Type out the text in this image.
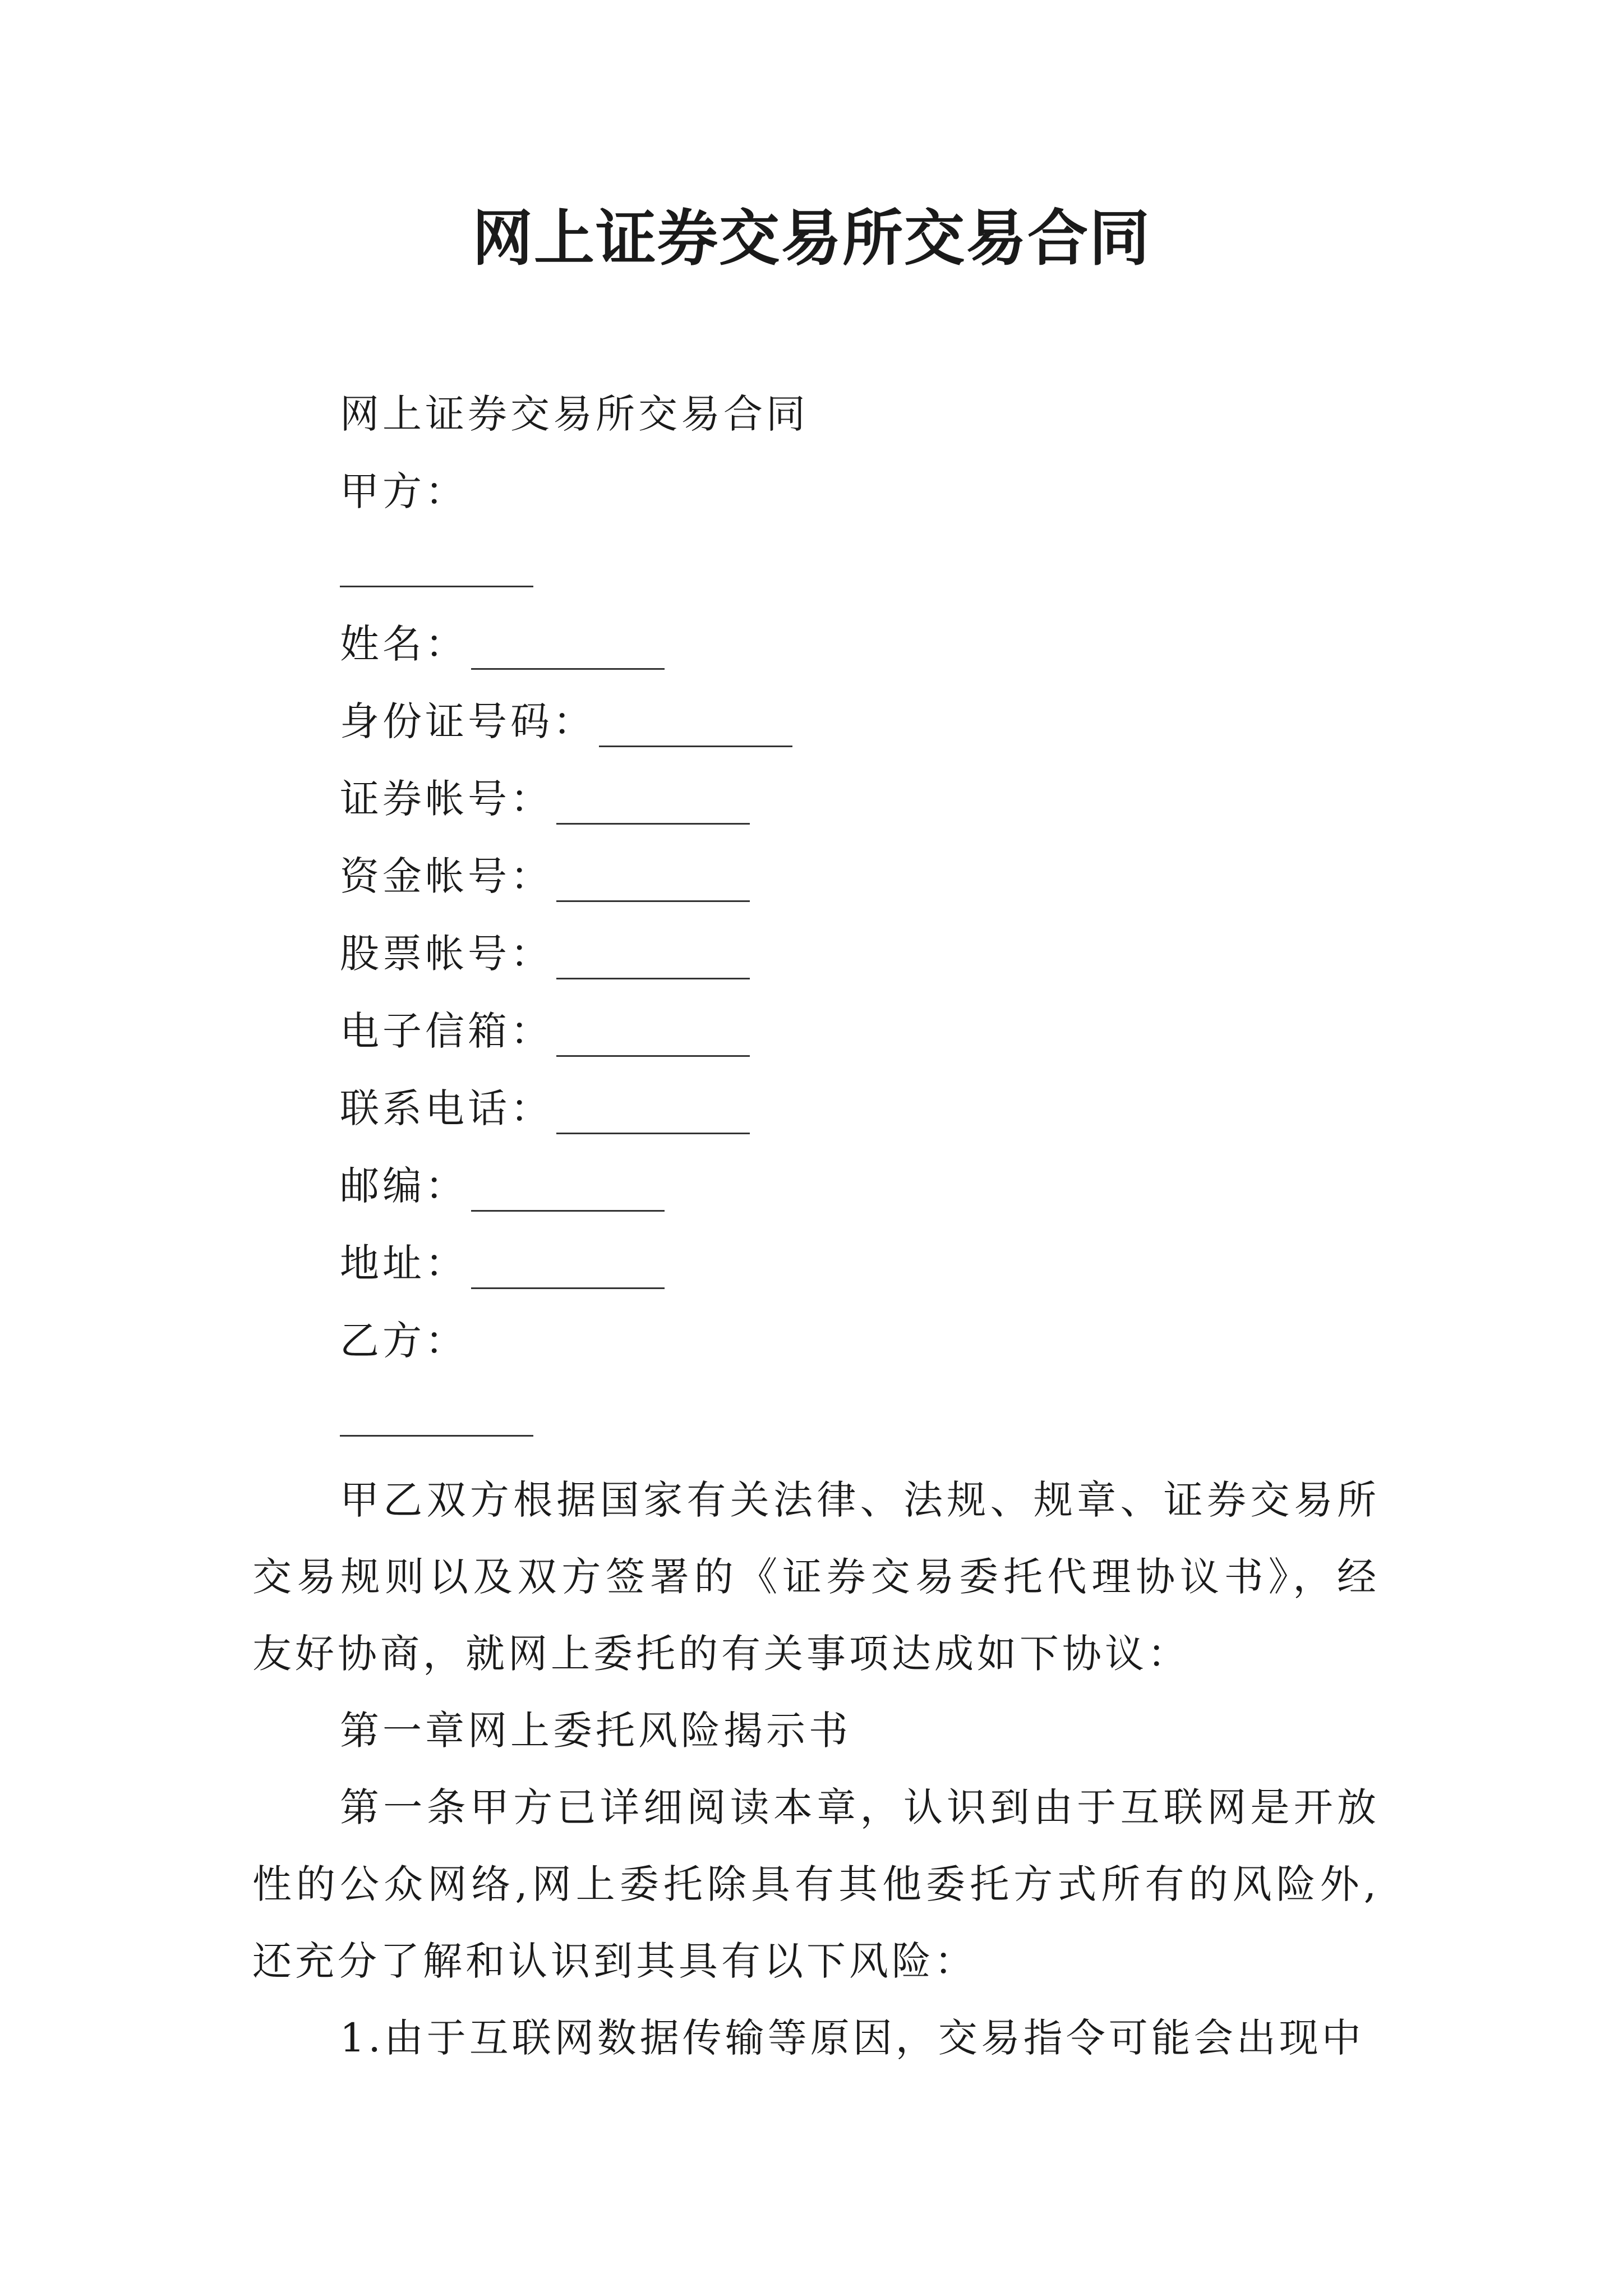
网上证券交易所交易合同
网上证券交易所交易合同
甲方：
姓名：
身份证号码：
证券帐号：
资金帐号：
股票帐号：
电子信箱：
联系电话：
邮编：
地址：
乙方：

甲乙双方根据国家有关法律、法规、规章、证券交易所交易规则以及双方签署的《证券交易委托代理协议书》，经友好协商，就网上委托的有关事项达成如下协议：

第一章网上委托风险揭示书

第一条甲方已详细阅读本章，认识到由于互联网是开放性的公众网络,网上委托除具有其他委托方式所有的风险外,还充分了解和认识到其具有以下风险：

1.由于互联网数据传输等原因，交易指令可能会出现中
